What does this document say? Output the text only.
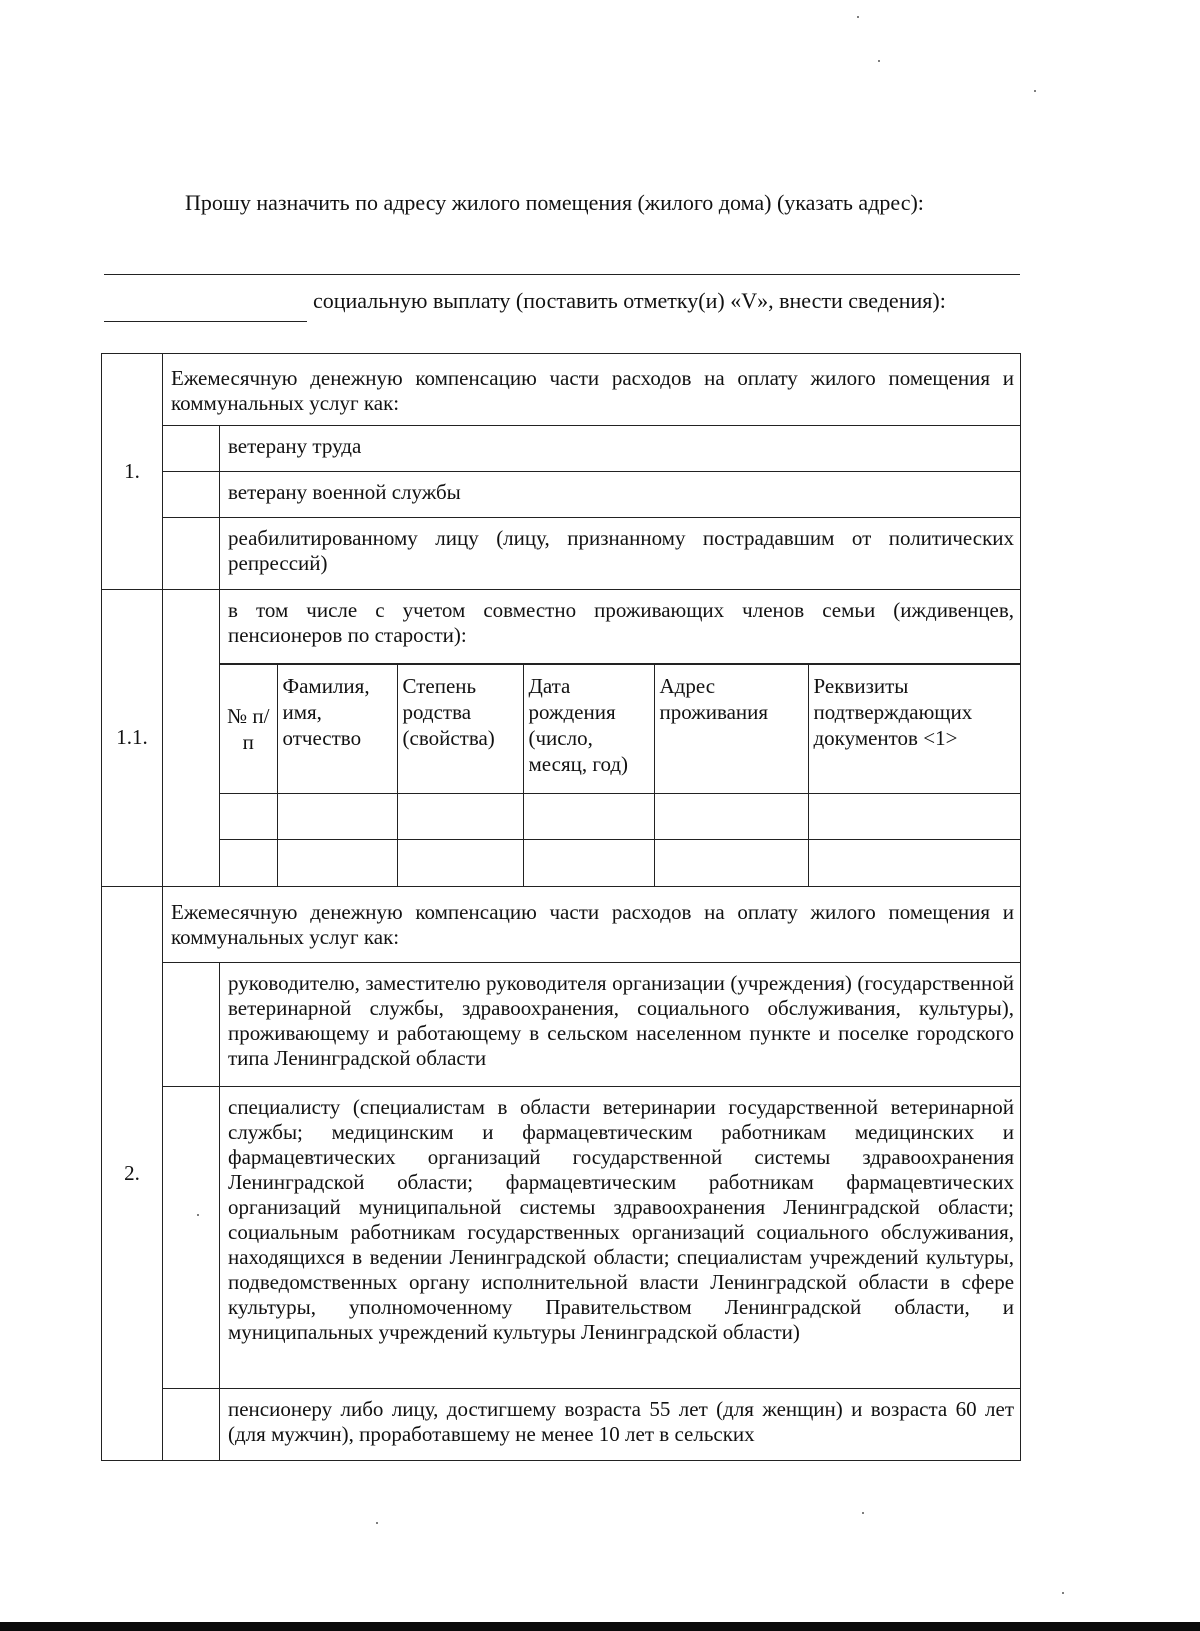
Прошу назначить по адресу жилого помещения (жилого дома) (указать адрес):
социальную выплату (поставить отметку(и) «V», внести сведения):
1.	Ежемесячную денежную компенсацию части расходов на оплату жилого помещения и коммунальных услуг как:
	ветерану труда
	ветерану военной службы
	реабилитированному лицу (лицу, признанному пострадавшим от политических репрессий)
1.1.		в том числе с учетом совместно проживающих членов семьи (иждивенцев, пенсионеров по старости):

№ п/п	Фамилия, имя, отчество	Степень родства (свойства)	Дата рождения (число, месяц, год)	Адрес проживания	Реквизиты подтверждающих документов <1>

2.	Ежемесячную денежную компенсацию части расходов на оплату жилого помещения и коммунальных услуг как:
	руководителю, заместителю руководителя организации (учреждения) (государственной ветеринарной службы, здравоохранения, социального обслуживания, культуры), проживающему и работающему в сельском населенном пункте и поселке городского типа Ленинградской области
	специалисту (специалистам в области ветеринарии государственной ветеринарной службы; медицинским и фармацевтическим работникам медицинских и фармацевтических организаций государственной системы здравоохранения Ленинградской области; фармацевтическим работникам фармацевтических организаций муниципальной системы здравоохранения Ленинградской области; социальным работникам государственных организаций социального обслуживания, находящихся в ведении Ленинградской области; специалистам учреждений культуры, подведомственных органу исполнительной власти Ленинградской области в сфере культуры, уполномоченному Правительством Ленинградской области, и муниципальных учреждений культуры Ленинградской области)
	пенсионеру либо лицу, достигшему возраста 55 лет (для женщин) и возраста 60 лет (для мужчин), проработавшему не менее 10 лет в сельских
